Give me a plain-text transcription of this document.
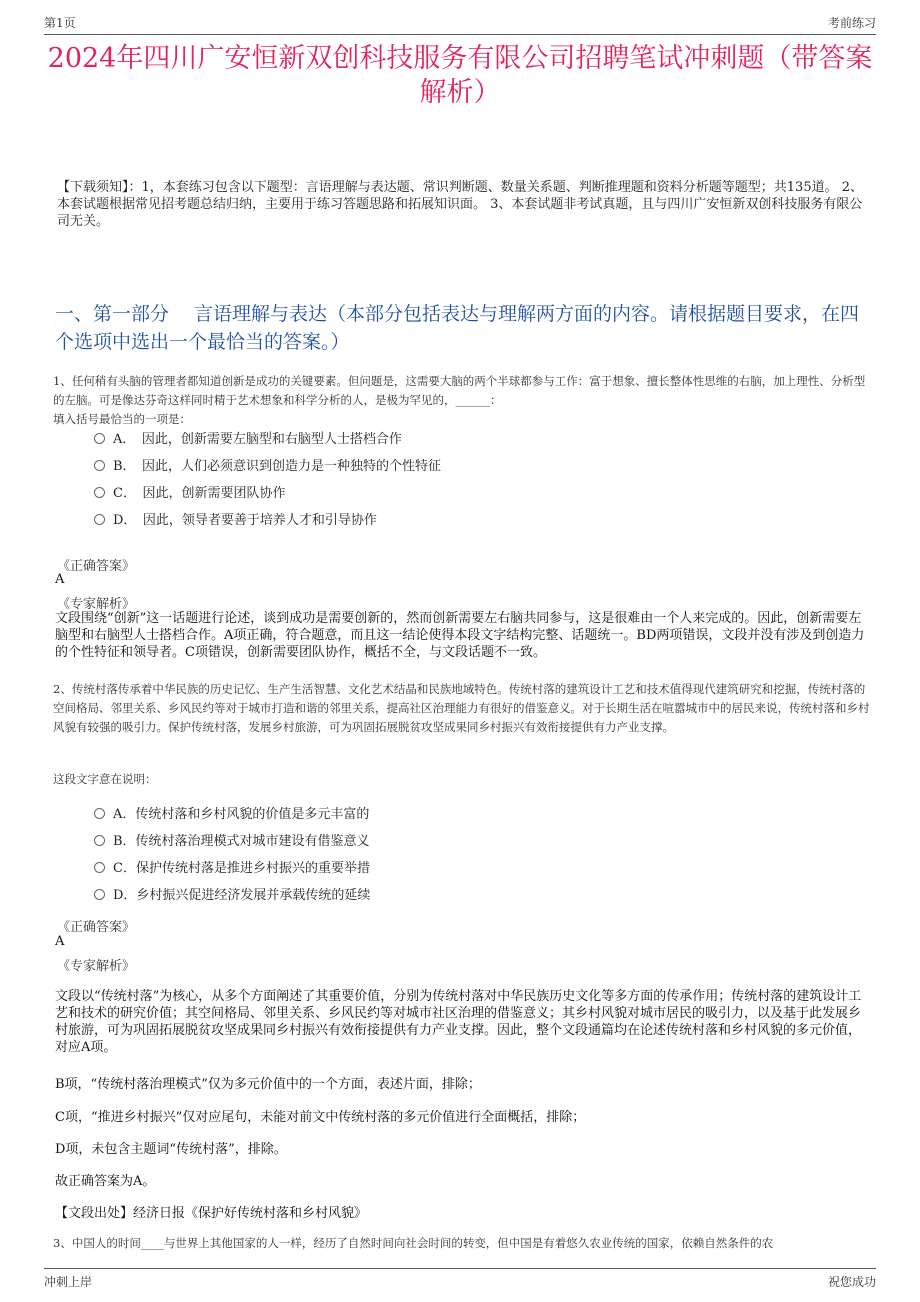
第1页	考前练习
2024年四川广安恒新双创科技服务有限公司招聘笔试冲刺题（带答案解析）
【下载须知】：1，本套练习包含以下题型：言语理解与表达题、常识判断题、数量关系题、判断推理题和资料分析题等题型；共135道。 2、本套试题根据常见招考题总结归纳，主要用于练习答题思路和拓展知识面。 3、本套试题非考试真题，且与四川广安恒新双创科技服务有限公司无关。
一、第一部分　 言语理解与表达（本部分包括表达与理解两方面的内容。请根据题目要求，在四个选项中选出一个最恰当的答案。）
1、任何稍有头脑的管理者都知道创新是成功的关键要素。但问题是，这需要大脑的两个半球都参与工作：富于想象、擅长整体性思维的右脑，加上理性、分析型的左脑。可是像达芬奇这样同时精于艺术想象和科学分析的人，是极为罕见的，______：
填入括号最恰当的一项是：
A．　因此，创新需要左脑型和右脑型人士搭档合作
B．　因此，人们必须意识到创造力是一种独特的个性特征
C．　因此，创新需要团队协作
D．　因此，领导者要善于培养人才和引导协作
《正确答案》
A
《专家解析》
文段围绕“创新”这一话题进行论述，谈到成功是需要创新的，然而创新需要左右脑共同参与，这是很难由一个人来完成的。因此，创新需要左脑型和右脑型人士搭档合作。A项正确，符合题意，而且这一结论使得本段文字结构完整、话题统一。BD两项错误，文段并没有涉及到创造力的个性特征和领导者。C项错误，创新需要团队协作，概括不全，与文段话题不一致。
2、传统村落传承着中华民族的历史记忆、生产生活智慧、文化艺术结晶和民族地域特色。传统村落的建筑设计工艺和技术值得现代建筑研究和挖掘，传统村落的空间格局、邻里关系、乡风民约等对于城市打造和谐的邻里关系，提高社区治理能力有很好的借鉴意义。对于长期生活在喧嚣城市中的居民来说，传统村落和乡村风貌有较强的吸引力。保护传统村落，发展乡村旅游，可为巩固拓展脱贫攻坚成果同乡村振兴有效衔接提供有力产业支撑。
这段文字意在说明：
A．传统村落和乡村风貌的价值是多元丰富的
B．传统村落治理模式对城市建设有借鉴意义
C．保护传统村落是推进乡村振兴的重要举措
D．乡村振兴促进经济发展并承载传统的延续
《正确答案》
A
《专家解析》
文段以“传统村落”为核心，从多个方面阐述了其重要价值，分别为传统村落对中华民族历史文化等多方面的传承作用；传统村落的建筑设计工艺和技术的研究价值；其空间格局、邻里关系、乡风民约等对城市社区治理的借鉴意义；其乡村风貌对城市居民的吸引力，以及基于此发展乡村旅游，可为巩固拓展脱贫攻坚成果同乡村振兴有效衔接提供有力产业支撑。因此，整个文段通篇均在论述传统村落和乡村风貌的多元价值，对应A项。
B项，“传统村落治理模式”仅为多元价值中的一个方面，表述片面，排除；
C项，“推进乡村振兴”仅对应尾句，未能对前文中传统村落的多元价值进行全面概括，排除；
D项，未包含主题词“传统村落”，排除。
故正确答案为A。
【文段出处】经济日报《保护好传统村落和乡村风貌》
3、中国人的时间____与世界上其他国家的人一样，经历了自然时间向社会时间的转变，但中国是有着悠久农业传统的国家，依赖自然条件的农
冲刺上岸	祝您成功
